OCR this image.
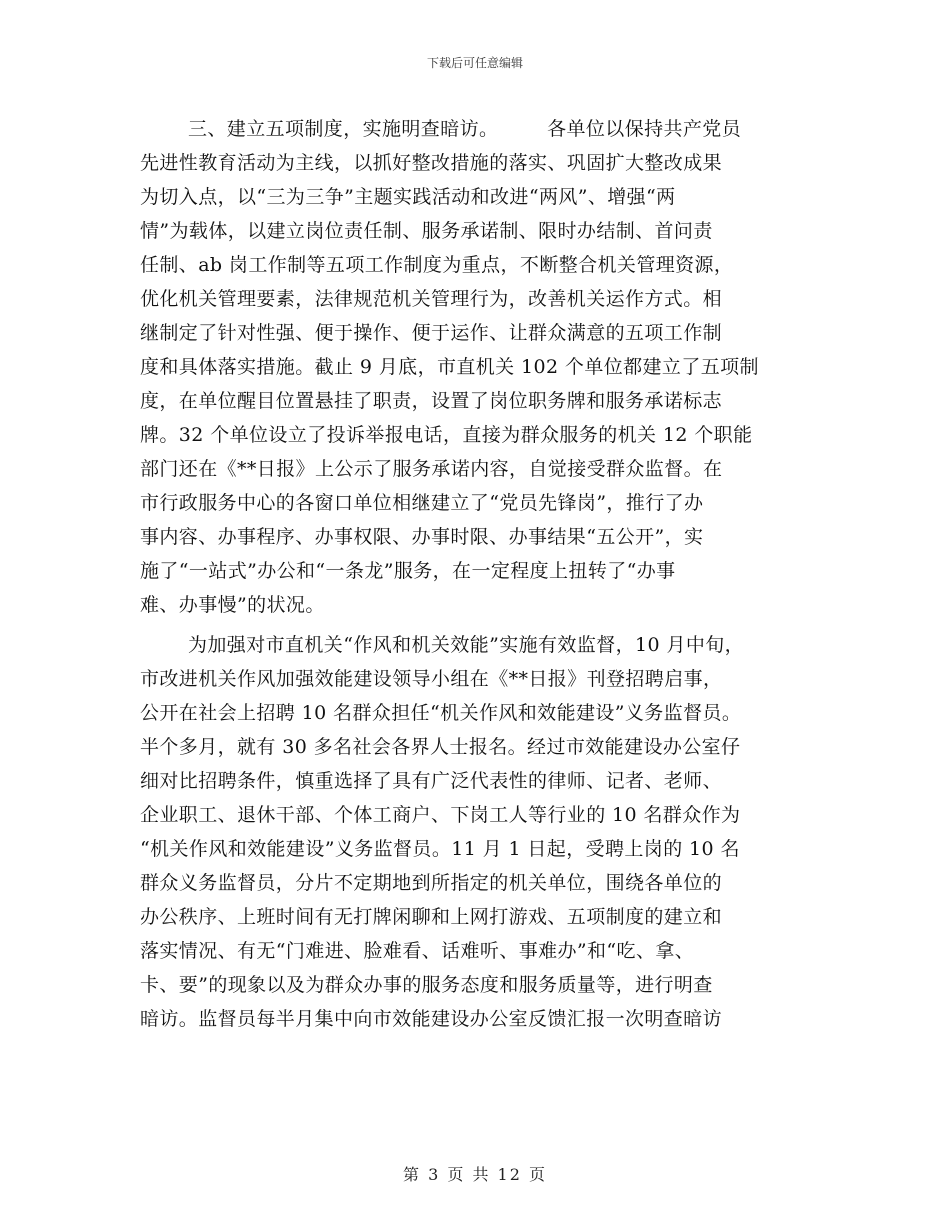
下载后可任意编辑
三、建立五项制度，实施明查暗访。　　　各单位以保持共产党员
先进性教育活动为主线，以抓好整改措施的落实、巩固扩大整改成果
为切入点，以“三为三争”主题实践活动和改进“两风”、增强“两
情”为载体，以建立岗位责任制、服务承诺制、限时办结制、首问责
任制、ab 岗工作制等五项工作制度为重点，不断整合机关管理资源，
优化机关管理要素，法律规范机关管理行为，改善机关运作方式。相
继制定了针对性强、便于操作、便于运作、让群众满意的五项工作制
度和具体落实措施。截止 9 月底，市直机关 102 个单位都建立了五项制
度，在单位醒目位置悬挂了职责，设置了岗位职务牌和服务承诺标志
牌。32 个单位设立了投诉举报电话，直接为群众服务的机关 12 个职能
部门还在《**日报》上公示了服务承诺内容，自觉接受群众监督。在
市行政服务中心的各窗口单位相继建立了“党员先锋岗”，推行了办
事内容、办事程序、办事权限、办事时限、办事结果“五公开”，实
施了“一站式”办公和“一条龙”服务，在一定程度上扭转了“办事
难、办事慢”的状况。
为加强对市直机关“作风和机关效能”实施有效监督，10 月中旬，
市改进机关作风加强效能建设领导小组在《**日报》刊登招聘启事，
公开在社会上招聘 10 名群众担任“机关作风和效能建设”义务监督员。
半个多月，就有 30 多名社会各界人士报名。经过市效能建设办公室仔
细对比招聘条件，慎重选择了具有广泛代表性的律师、记者、老师、
企业职工、退休干部、个体工商户、下岗工人等行业的 10 名群众作为
“机关作风和效能建设”义务监督员。11 月 1 日起，受聘上岗的 10 名
群众义务监督员，分片不定期地到所指定的机关单位，围绕各单位的
办公秩序、上班时间有无打牌闲聊和上网打游戏、五项制度的建立和
落实情况、有无“门难进、脸难看、话难听、事难办”和“吃、拿、
卡、要”的现象以及为群众办事的服务态度和服务质量等，进行明查
暗访。监督员每半月集中向市效能建设办公室反馈汇报一次明查暗访
第 3 页 共 12 页
